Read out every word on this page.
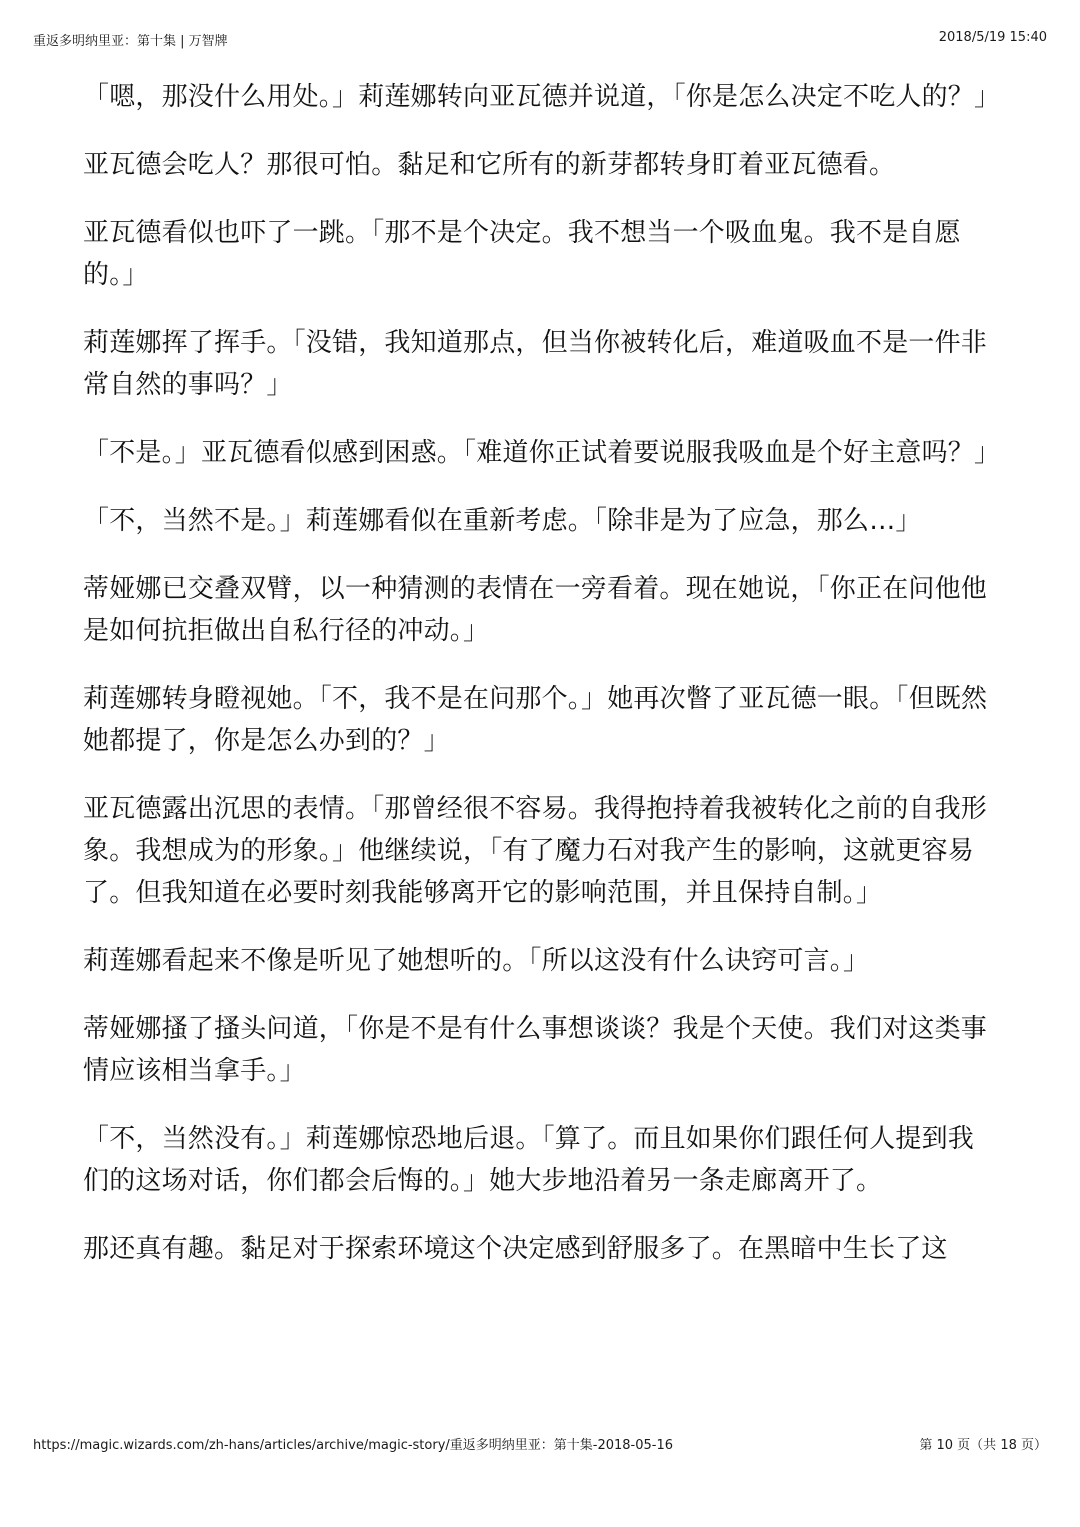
重返多明纳里亚：第十集 | 万智牌	2018/5/19 15:40

「嗯，那没什么用处。」莉莲娜转向亚瓦德并说道，「你是怎么决定不吃人的？」

亚瓦德会吃人？那很可怕。黏足和它所有的新芽都转身盯着亚瓦德看。

亚瓦德看似也吓了一跳。「那不是个决定。我不想当一个吸血鬼。我不是自愿的。」

莉莲娜挥了挥手。「没错，我知道那点，但当你被转化后，难道吸血不是一件非常自然的事吗？」

「不是。」亚瓦德看似感到困惑。「难道你正试着要说服我吸血是个好主意吗？」

「不，当然不是。」莉莲娜看似在重新考虑。「除非是为了应急，那么…」

蒂娅娜已交叠双臂，以一种猜测的表情在一旁看着。现在她说，「你正在问他他是如何抗拒做出自私行径的冲动。」

莉莲娜转身瞪视她。「不，我不是在问那个。」她再次瞥了亚瓦德一眼。「但既然她都提了，你是怎么办到的？」

亚瓦德露出沉思的表情。「那曾经很不容易。我得抱持着我被转化之前的自我形象。我想成为的形象。」他继续说，「有了魔力石对我产生的影响，这就更容易了。但我知道在必要时刻我能够离开它的影响范围，并且保持自制。」

莉莲娜看起来不像是听见了她想听的。「所以这没有什么诀窍可言。」

蒂娅娜搔了搔头问道，「你是不是有什么事想谈谈？我是个天使。我们对这类事情应该相当拿手。」

「不，当然没有。」莉莲娜惊恐地后退。「算了。而且如果你们跟任何人提到我们的这场对话，你们都会后悔的。」她大步地沿着另一条走廊离开了。

那还真有趣。黏足对于探索环境这个决定感到舒服多了。在黑暗中生长了这

https://magic.wizards.com/zh-hans/articles/archive/magic-story/重返多明纳里亚：第十集-2018-05-16	第 10 页（共 18 页）
